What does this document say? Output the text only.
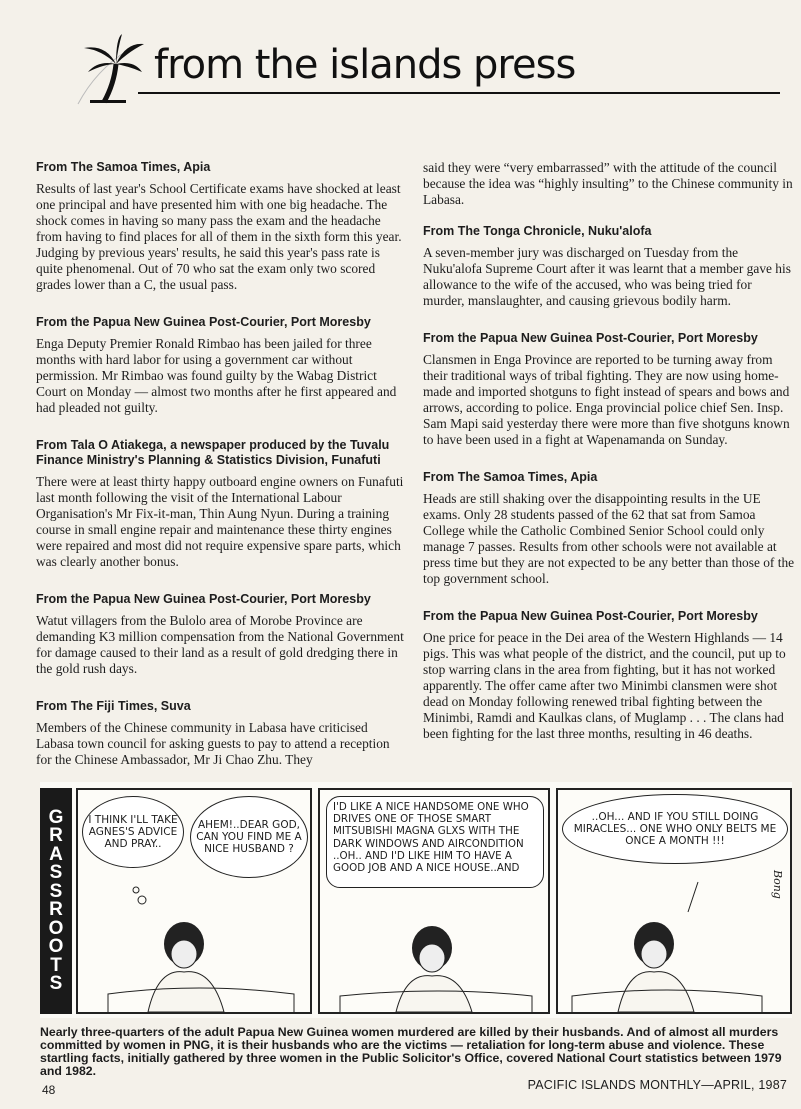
from the islands press

From The Samoa Times, Apia

Results of last year's School Certificate exams have shocked at least one principal and have presented him with one big headache. The shock comes in having so many pass the exam and the headache from having to find places for all of them in the sixth form this year. Judging by previous years' results, he said this year's pass rate is quite phenomenal. Out of 70 who sat the exam only two scored grades lower than a C, the usual pass.

From the Papua New Guinea Post-Courier, Port Moresby

Enga Deputy Premier Ronald Rimbao has been jailed for three months with hard labor for using a government car without permission. Mr Rimbao was found guilty by the Wabag District Court on Monday — almost two months after he first appeared and had pleaded not guilty.

From Tala O Atiakega, a newspaper produced by the Tuvalu Finance Ministry's Planning & Statistics Division, Funafuti

There were at least thirty happy outboard engine owners on Funafuti last month following the visit of the International Labour Organisation's Mr Fix-it-man, Thin Aung Nyun. During a training course in small engine repair and maintenance these thirty engines were repaired and most did not require expensive spare parts, which was clearly another bonus.

From the Papua New Guinea Post-Courier, Port Moresby

Watut villagers from the Bulolo area of Morobe Province are demanding K3 million compensation from the National Government for damage caused to their land as a result of gold dredging there in the gold rush days.

From The Fiji Times, Suva

Members of the Chinese community in Labasa have criticised Labasa town council for asking guests to pay to attend a reception for the Chinese Ambassador, Mr Ji Chao Zhu. They

said they were “very embarrassed” with the attitude of the council because the idea was “highly insulting” to the Chinese community in Labasa.

From The Tonga Chronicle, Nuku'alofa

A seven-member jury was discharged on Tuesday from the Nuku'alofa Supreme Court after it was learnt that a member gave his allowance to the wife of the accused, who was being tried for murder, manslaughter, and causing grievous bodily harm.

From the Papua New Guinea Post-Courier, Port Moresby

Clansmen in Enga Province are reported to be turning away from their traditional ways of tribal fighting. They are now using home-made and imported shotguns to fight instead of spears and bows and arrows, according to police. Enga provincial police chief Sen. Insp. Sam Mapi said yesterday there were more than five shotguns known to have been used in a fight at Wapenamanda on Sunday.

From The Samoa Times, Apia

Heads are still shaking over the disappointing results in the UE exams. Only 28 students passed of the 62 that sat from Samoa College while the Catholic Combined Senior School could only manage 7 passes. Results from other schools were not available at press time but they are not expected to be any better than those of the top government school.

From the Papua New Guinea Post-Courier, Port Moresby

One price for peace in the Dei area of the Western Highlands — 14 pigs. This was what people of the district, and the council, put up to stop warring clans in the area from fighting, but it has not worked apparently. The offer came after two Minimbi clansmen were shot dead on Monday following renewed tribal fighting between the Minimbi, Ramdi and Kaulkas clans, of Muglamp . . . The clans had been fighting for the last three months, resulting in 46 deaths.

G
R
A
S
S
R
O
O
T
S
I THINK I'LL TAKE AGNES'S ADVICE AND PRAY..
AHEM!..DEAR GOD, CAN YOU FIND ME A NICE HUSBAND ?
I'D LIKE A NICE HANDSOME ONE WHO DRIVES ONE OF THOSE SMART MITSUBISHI MAGNA GLXS WITH THE DARK WINDOWS AND AIRCONDITION ..OH.. AND I'D LIKE HIM TO HAVE A GOOD JOB AND A NICE HOUSE..AND
..OH... AND IF YOU STILL DOING MIRACLES... ONE WHO ONLY BELTS ME ONCE A MONTH !!!
Bong
Nearly three-quarters of the adult Papua New Guinea women murdered are killed by their husbands. And of almost all murders committed by women in PNG, it is their husbands who are the victims — retaliation for long-term abuse and violence. These startling facts, initially gathered by three women in the Public Solicitor's Office, covered National Court statistics between 1979 and 1982.
48	PACIFIC ISLANDS MONTHLY—APRIL, 1987
